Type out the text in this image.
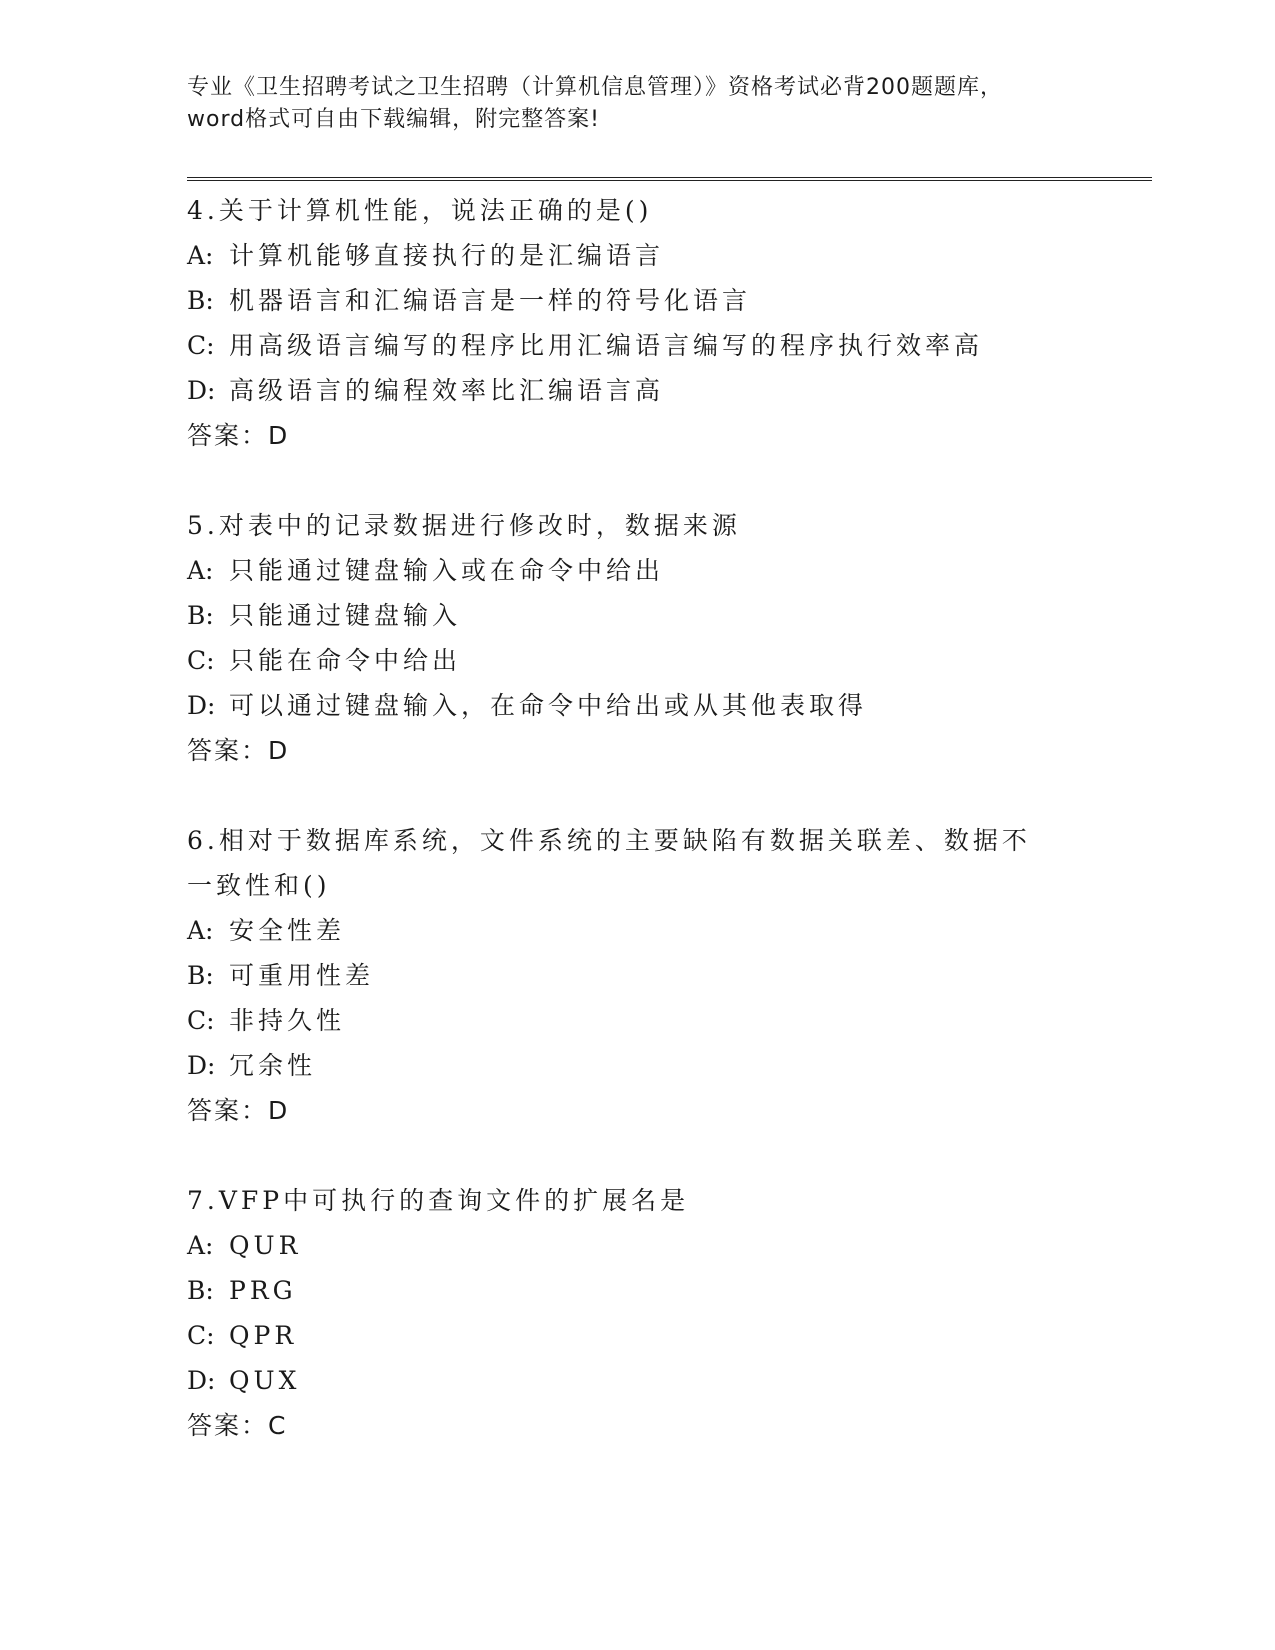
专业《卫生招聘考试之卫生招聘（计算机信息管理）》资格考试必背200题题库，
word格式可自由下载编辑，附完整答案!
4.关于计算机性能，说法正确的是()
A: 计算机能够直接执行的是汇编语言
B: 机器语言和汇编语言是一样的符号化语言
C: 用高级语言编写的程序比用汇编语言编写的程序执行效率高
D: 高级语言的编程效率比汇编语言高
答案：D
5.对表中的记录数据进行修改时，数据来源
A: 只能通过键盘输入或在命令中给出
B: 只能通过键盘输入
C: 只能在命令中给出
D: 可以通过键盘输入，在命令中给出或从其他表取得
答案：D
6.相对于数据库系统，文件系统的主要缺陷有数据关联差、数据不一致性和()
A: 安全性差
B: 可重用性差
C: 非持久性
D: 冗余性
答案：D
7.VFP中可执行的查询文件的扩展名是
A: QUR
B: PRG
C: QPR
D: QUX
答案：C
